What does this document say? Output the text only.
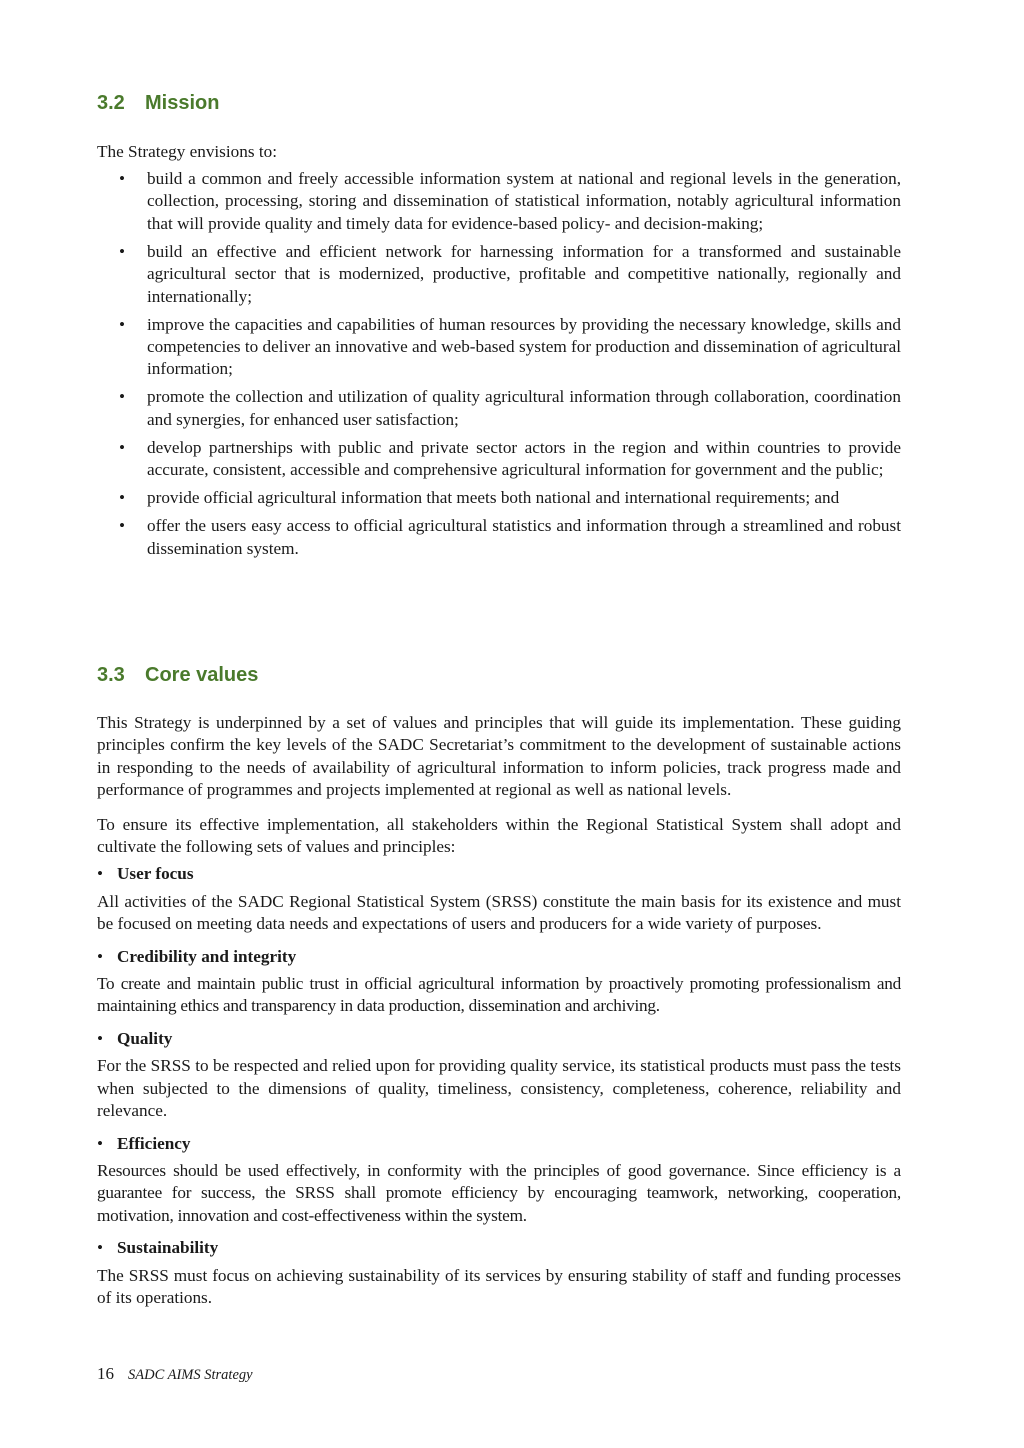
3.2	Mission

The Strategy envisions to:

• build a common and freely accessible information system at national and regional levels in the generation, collection, processing, storing and dissemination of statistical information, notably agricultural information that will provide quality and timely data for evidence-based policy- and decision-making;
• build an effective and efficient network for harnessing information for a transformed and sustainable agricultural sector that is modernized, productive, profitable and competitive nationally, regionally and internationally;
• improve the capacities and capabilities of human resources by providing the necessary knowledge, skills and competencies to deliver an innovative and web-based system for production and dissemination of agricultural information;
• promote the collection and utilization of quality agricultural information through collaboration, coordination and synergies, for enhanced user satisfaction;
• develop partnerships with public and private sector actors in the region and within countries to provide accurate, consistent, accessible and comprehensive agricultural information for government and the public;
• provide official agricultural information that meets both national and international requirements; and
• offer the users easy access to official agricultural statistics and information through a streamlined and robust dissemination system.
3.3	Core values

This Strategy is underpinned by a set of values and principles that will guide its implementation. These guiding principles confirm the key levels of the SADC Secretariat’s commitment to the development of sustainable actions in responding to the needs of availability of agricultural information to inform policies, track progress made and performance of programmes and projects implemented at regional as well as national levels.

To ensure its effective implementation, all stakeholders within the Regional Statistical System shall adopt and cultivate the following sets of values and principles:

• User focus

All activities of the SADC Regional Statistical System (SRSS) constitute the main basis for its existence and must be focused on meeting data needs and expectations of users and producers for a wide variety of purposes.

• Credibility and integrity

To create and maintain public trust in official agricultural information by proactively promoting professionalism and maintaining ethics and transparency in data production, dissemination and archiving.

• Quality

For the SRSS to be respected and relied upon for providing quality service, its statistical products must pass the tests when subjected to the dimensions of quality, timeliness, consistency, completeness, coherence, reliability and relevance.

• Efficiency

Resources should be used effectively, in conformity with the principles of good governance. Since efficiency is a guarantee for success, the SRSS shall promote efficiency by encouraging teamwork, networking, cooperation, motivation, innovation and cost-effectiveness within the system.

• Sustainability

The SRSS must focus on achieving sustainability of its services by ensuring stability of staff and funding processes of its operations.

16 SADC AIMS Strategy
